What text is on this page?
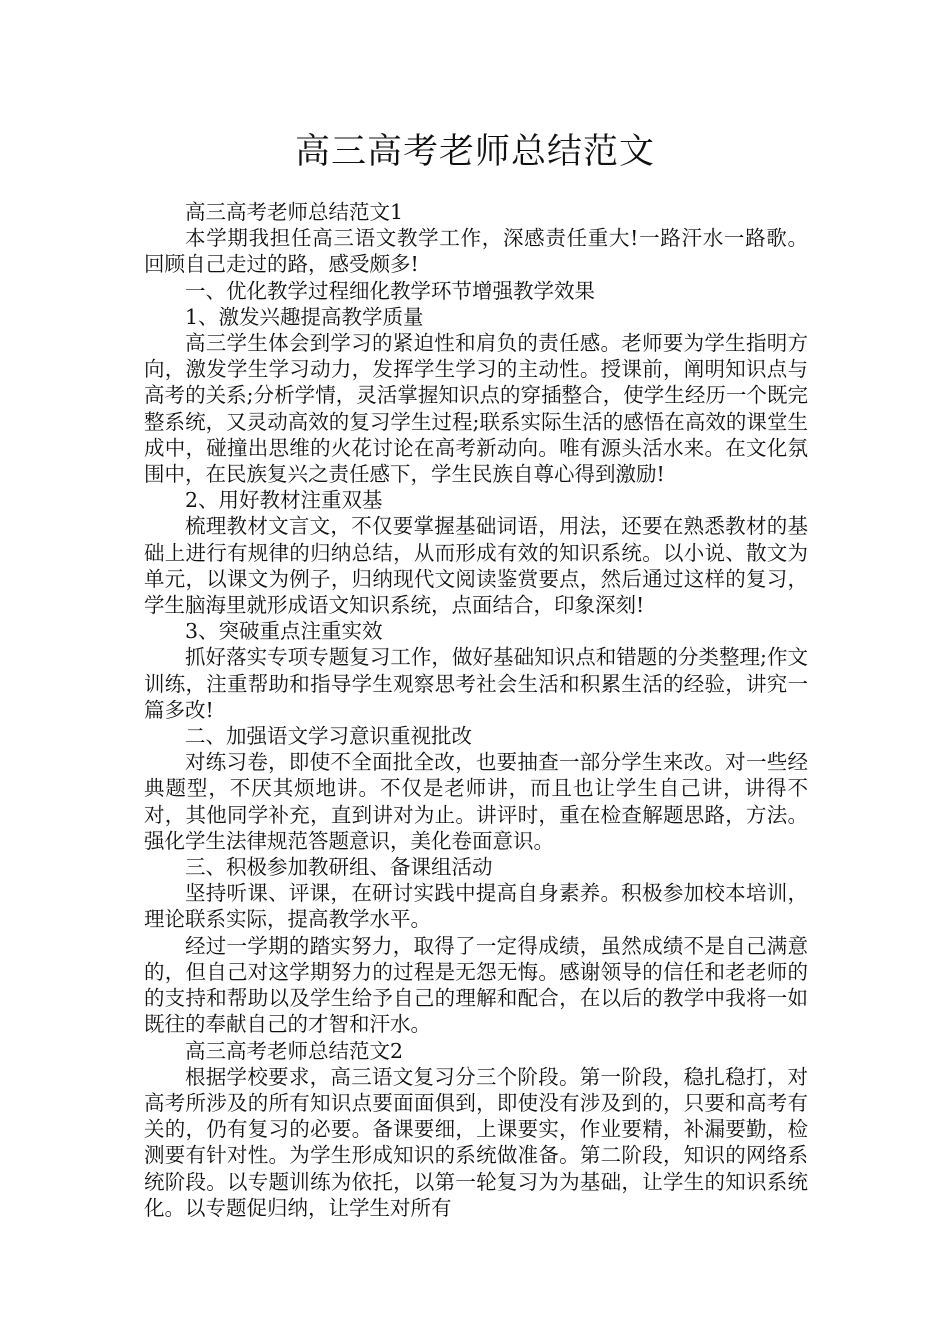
高三高考老师总结范文

高三高考老师总结范文1

本学期我担任高三语文教学工作，深感责任重大!一路汗水一路歌。回顾自己走过的路，感受颇多!

一、优化教学过程细化教学环节增强教学效果

1、激发兴趣提高教学质量

高三学生体会到学习的紧迫性和肩负的责任感。老师要为学生指明方向，激发学生学习动力，发挥学生学习的主动性。授课前，阐明知识点与高考的关系;分析学情，灵活掌握知识点的穿插整合，使学生经历一个既完整系统，又灵动高效的复习学生过程;联系实际生活的感悟在高效的课堂生成中，碰撞出思维的火花讨论在高考新动向。唯有源头活水来。在文化氛围中，在民族复兴之责任感下，学生民族自尊心得到激励!

2、用好教材注重双基

梳理教材文言文，不仅要掌握基础词语，用法，还要在熟悉教材的基础上进行有规律的归纳总结，从而形成有效的知识系统。以小说、散文为单元，以课文为例子，归纳现代文阅读鉴赏要点，然后通过这样的复习，学生脑海里就形成语文知识系统，点面结合，印象深刻!

3、突破重点注重实效

抓好落实专项专题复习工作，做好基础知识点和错题的分类整理;作文训练，注重帮助和指导学生观察思考社会生活和积累生活的经验，讲究一篇多改!

二、加强语文学习意识重视批改

对练习卷，即使不全面批全改，也要抽查一部分学生来改。对一些经典题型，不厌其烦地讲。不仅是老师讲，而且也让学生自己讲，讲得不对，其他同学补充，直到讲对为止。讲评时，重在检查解题思路，方法。强化学生法律规范答题意识，美化卷面意识。

三、积极参加教研组、备课组活动

坚持听课、评课，在研讨实践中提高自身素养。积极参加校本培训，理论联系实际，提高教学水平。

经过一学期的踏实努力，取得了一定得成绩，虽然成绩不是自己满意的，但自己对这学期努力的过程是无怨无悔。感谢领导的信任和老老师的的支持和帮助以及学生给予自己的理解和配合，在以后的教学中我将一如既往的奉献自己的才智和汗水。

高三高考老师总结范文2

根据学校要求，高三语文复习分三个阶段。第一阶段，稳扎稳打，对高考所涉及的所有知识点要面面俱到，即使没有涉及到的，只要和高考有关的，仍有复习的必要。备课要细，上课要实，作业要精，补漏要勤，检测要有针对性。为学生形成知识的系统做准备。第二阶段，知识的网络系统阶段。以专题训练为依托，以第一轮复习为为基础，让学生的知识系统化。以专题促归纳，让学生对所有
